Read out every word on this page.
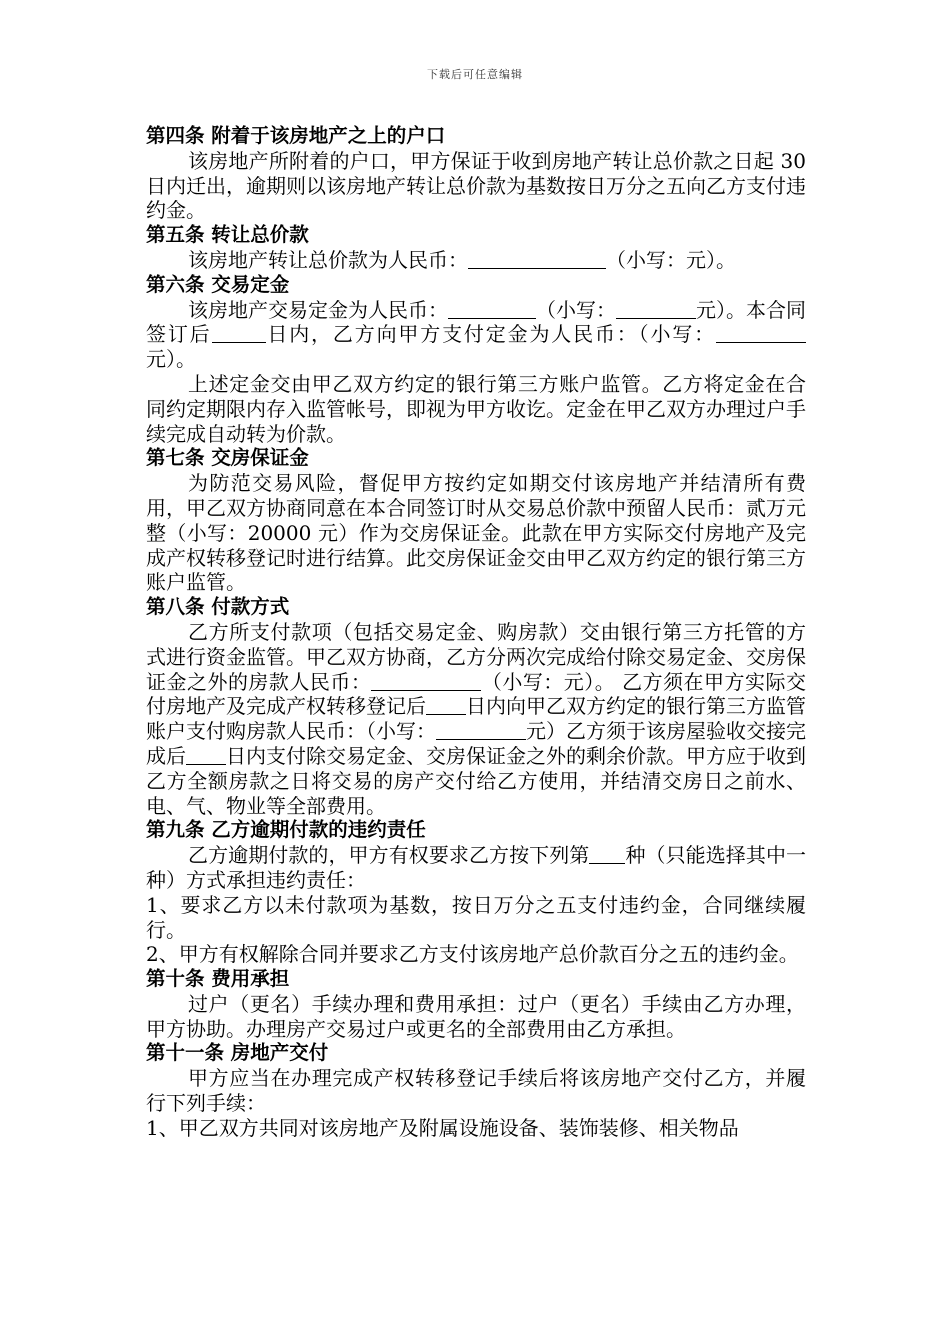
下载后可任意编辑

第四条 附着于该房地产之上的户口

该房地产所附着的户口，甲方保证于收到房地产转让总价款之日起 30 日内迁出，逾期则以该房地产转让总价款为基数按日万分之五向乙方支付违约金。

第五条 转让总价款

该房地产转让总价款为人民币：	（小写：元）。

第六条 交易定金

该房地产交易定金为人民币：	（小写：	元）。本合同签订后	日内，乙方向甲方支付定金为人民币：（小写：元）。

上述定金交由甲乙双方约定的银行第三方账户监管。乙方将定金在合同约定期限内存入监管帐号，即视为甲方收讫。定金在甲乙双方办理过户手续完成自动转为价款。

第七条 交房保证金

为防范交易风险，督促甲方按约定如期交付该房地产并结清所有费用，甲乙双方协商同意在本合同签订时从交易总价款中预留人民币：贰万元整（小写：20000 元）作为交房保证金。此款在甲方实际交付房地产及完成产权转移登记时进行结算。此交房保证金交由甲乙双方约定的银行第三方账户监管。

第八条 付款方式

乙方所支付款项（包括交易定金、购房款）交由银行第三方托管的方式进行资金监管。甲乙双方协商，乙方分两次完成给付除交易定金、交房保证金之外的房款人民币：	（小写：元）。 乙方须在甲方实际交付房地产及完成产权转移登记后 日内向甲乙双方约定的银行第三方监管账户支付购房款人民币：（小写：	元）乙方须于该房屋验收交接完成后 日内支付除交易定金、交房保证金之外的剩余价款。甲方应于收到乙方全额房款之日将交易的房产交付给乙方使用，并结清交房日之前水、电、气、物业等全部费用。

第九条 乙方逾期付款的违约责任

乙方逾期付款的，甲方有权要求乙方按下列第 种（只能选择其中一种）方式承担违约责任：

1、要求乙方以未付款项为基数，按日万分之五支付违约金，合同继续履行。

2、甲方有权解除合同并要求乙方支付该房地产总价款百分之五的违约金。

第十条 费用承担

过户（更名）手续办理和费用承担：过户（更名）手续由乙方办理，甲方协助。办理房产交易过户或更名的全部费用由乙方承担。

第十一条 房地产交付

甲方应当在办理完成产权转移登记手续后将该房地产交付乙方，并履行下列手续：

1、甲乙双方共同对该房地产及附属设施设备、装饰装修、相关物品
